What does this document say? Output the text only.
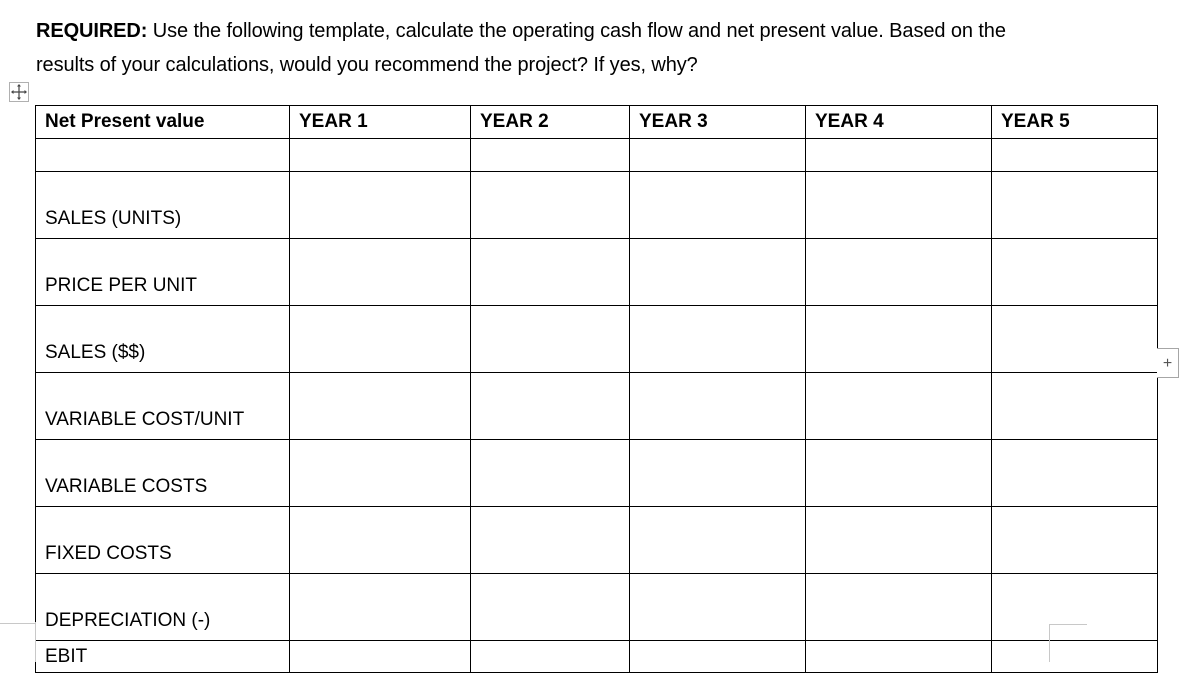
REQUIRED: Use the following template, calculate the operating cash flow and net present value. Based on the results of your calculations, would you recommend the project? If yes, why?

Net Present value	YEAR 1	YEAR 2	YEAR 3	YEAR 4	YEAR 5

SALES (UNITS)					
PRICE PER UNIT					
SALES ($$)					
VARIABLE COST/UNIT					
VARIABLE COSTS					
FIXED COSTS					
DEPRECIATION (-)					
EBIT					
+
